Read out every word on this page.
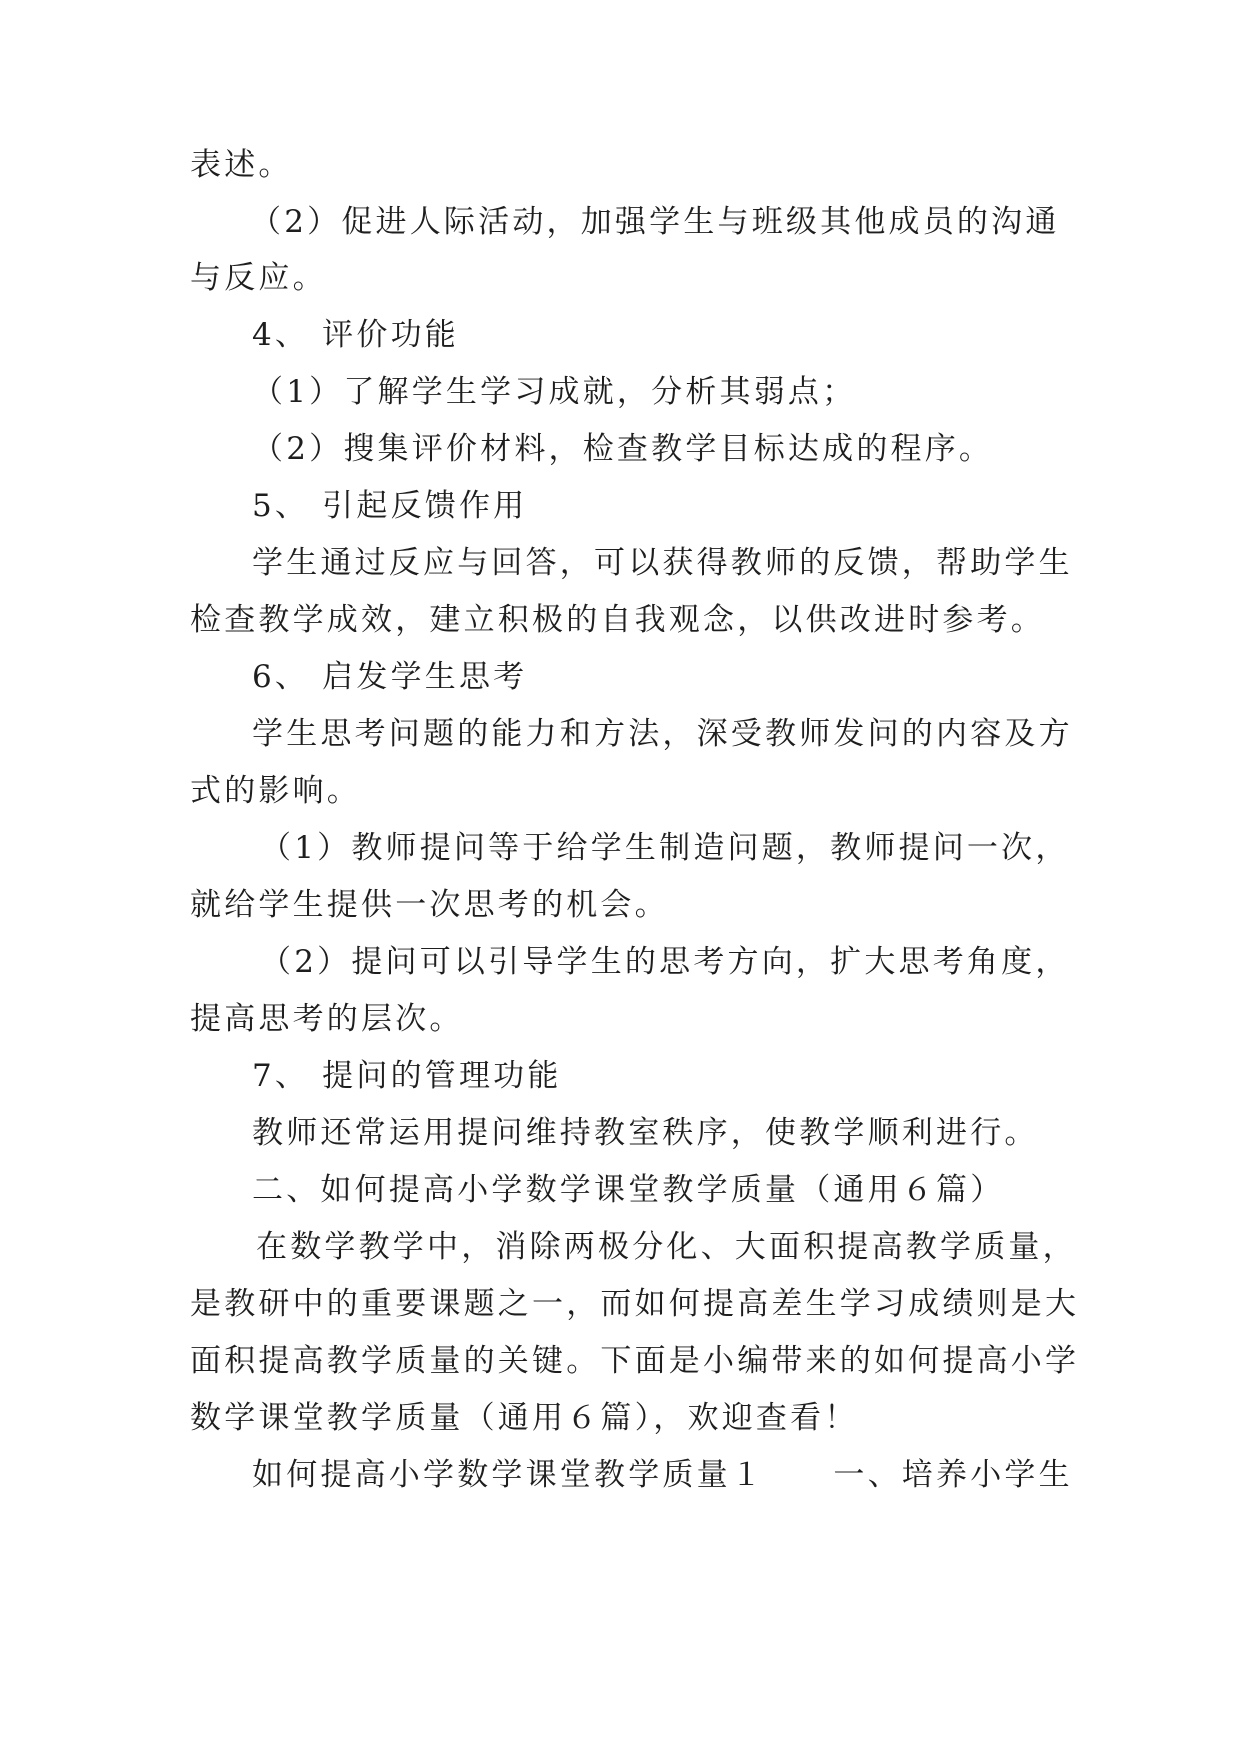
表述。
（2）促进人际活动，加强学生与班级其他成员的沟通
与反应。
4、 评价功能
（1）了解学生学习成就，分析其弱点；
（2）搜集评价材料，检查教学目标达成的程序。
5、 引起反馈作用
学生通过反应与回答，可以获得教师的反馈，帮助学生
检查教学成效，建立积极的自我观念，以供改进时参考。
6、 启发学生思考
学生思考问题的能力和方法，深受教师发问的内容及方
式的影响。
（1）教师提问等于给学生制造问题，教师提问一次，
就给学生提供一次思考的机会。
（2）提问可以引导学生的思考方向，扩大思考角度，
提高思考的层次。
7、 提问的管理功能
教师还常运用提问维持教室秩序，使教学顺利进行。
二、如何提高小学数学课堂教学质量（通用６篇）
在数学教学中，消除两极分化、大面积提高教学质量，
是教研中的重要课题之一，而如何提高差生学习成绩则是大
面积提高教学质量的关键。下面是小编带来的如何提高小学
数学课堂教学质量（通用６篇），欢迎查看！
如何提高小学数学课堂教学质量１　　一、培养小学生
